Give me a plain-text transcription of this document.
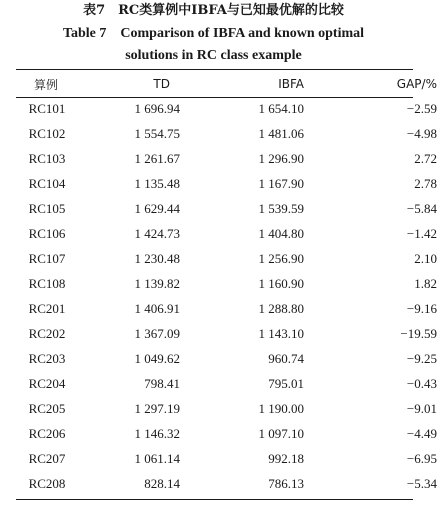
表7　RC类算例中IBFA与已知最优解的比较
Table 7　Comparison of IBFA and known optimal
solutions in RC class example
算例	TD	IBFA	GAP/%
RC101	1 696.94	1 654.10	−2.59
RC102	1 554.75	1 481.06	−4.98
RC103	1 261.67	1 296.90	2.72
RC104	1 135.48	1 167.90	2.78
RC105	1 629.44	1 539.59	−5.84
RC106	1 424.73	1 404.80	−1.42
RC107	1 230.48	1 256.90	2.10
RC108	1 139.82	1 160.90	1.82
RC201	1 406.91	1 288.80	−9.16
RC202	1 367.09	1 143.10	−19.59
RC203	1 049.62	960.74	−9.25
RC204	798.41	795.01	−0.43
RC205	1 297.19	1 190.00	−9.01
RC206	1 146.32	1 097.10	−4.49
RC207	1 061.14	992.18	−6.95
RC208	828.14	786.13	−5.34
